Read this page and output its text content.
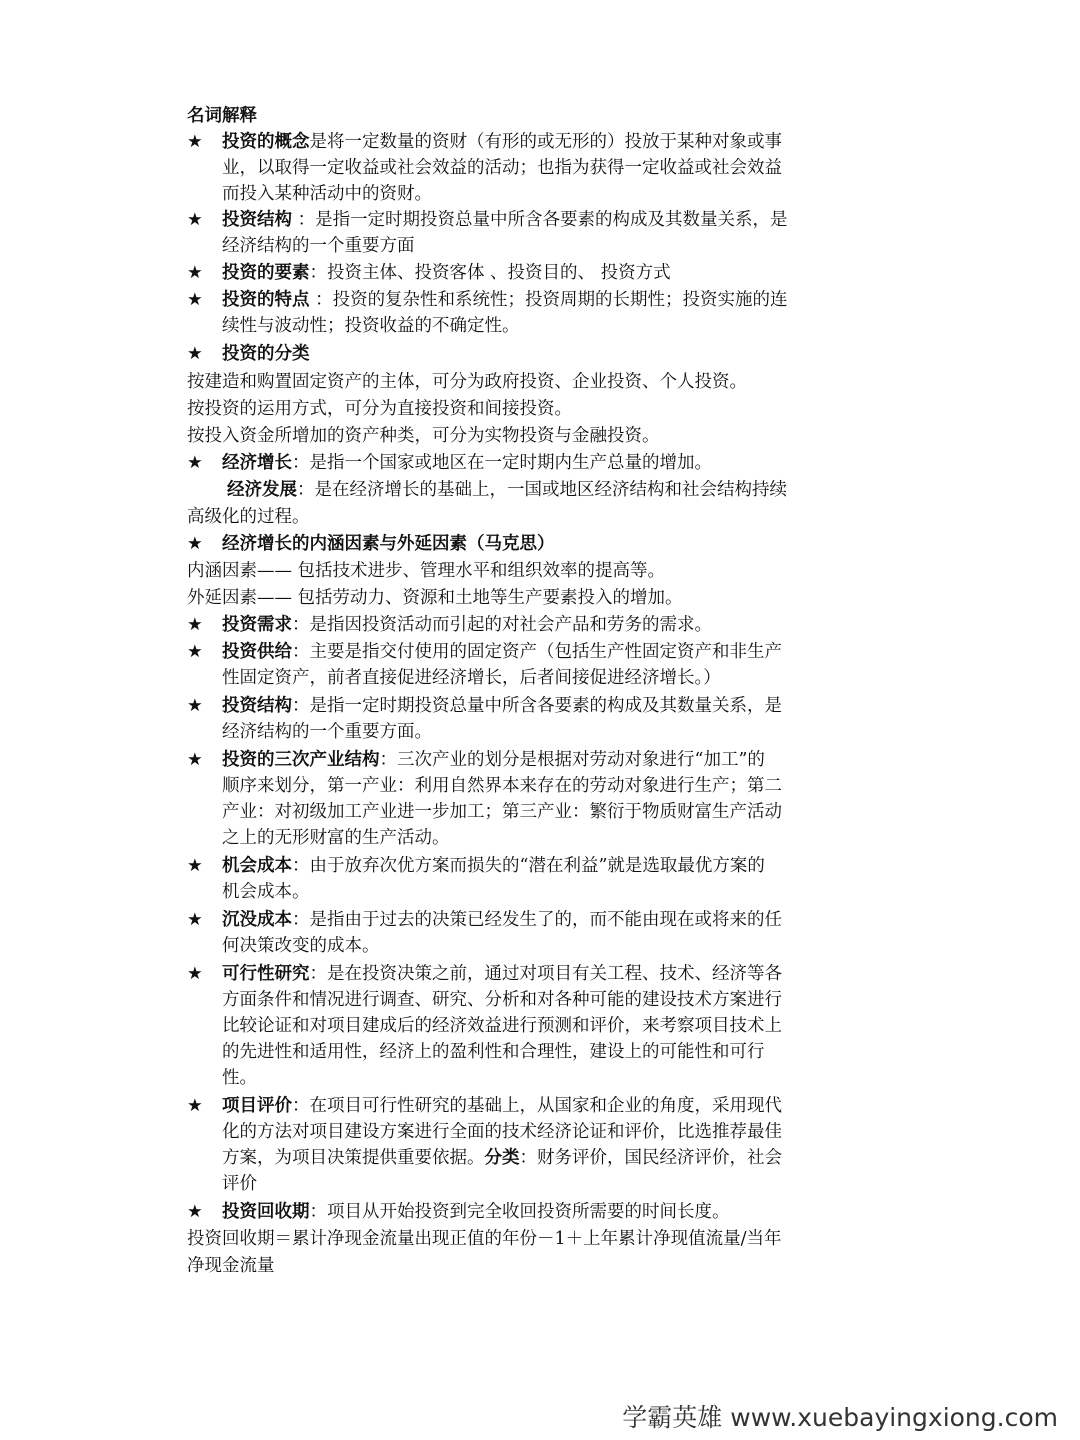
名词解释
★ 投资的概念是将一定数量的资财（有形的或无形的）投放于某种对象或事
业，以取得一定收益或社会效益的活动；也指为获得一定收益或社会效益
而投入某种活动中的资财。
★ 投资结构 ：是指一定时期投资总量中所含各要素的构成及其数量关系，是
经济结构的一个重要方面
★ 投资的要素：投资主体、投资客体 、投资目的、 投资方式
★ 投资的特点 ：投资的复杂性和系统性；投资周期的长期性；投资实施的连
续性与波动性；投资收益的不确定性。
★ 投资的分类
按建造和购置固定资产的主体，可分为政府投资、企业投资、个人投资。
按投资的运用方式，可分为直接投资和间接投资。
按投入资金所增加的资产种类，可分为实物投资与金融投资。
★ 经济增长：是指一个国家或地区在一定时期内生产总量的增加。
经济发展：是在经济增长的基础上，一国或地区经济结构和社会结构持续
高级化的过程。
★ 经济增长的内涵因素与外延因素（马克思）
内涵因素—— 包括技术进步、管理水平和组织效率的提高等。
外延因素—— 包括劳动力、资源和土地等生产要素投入的增加。
★ 投资需求：是指因投资活动而引起的对社会产品和劳务的需求。
★ 投资供给：主要是指交付使用的固定资产（包括生产性固定资产和非生产
性固定资产，前者直接促进经济增长，后者间接促进经济增长。）
★ 投资结构：是指一定时期投资总量中所含各要素的构成及其数量关系，是
经济结构的一个重要方面。
★ 投资的三次产业结构：三次产业的划分是根据对劳动对象进行“加工”的
顺序来划分，第一产业：利用自然界本来存在的劳动对象进行生产；第二
产业：对初级加工产业进一步加工；第三产业：繁衍于物质财富生产活动
之上的无形财富的生产活动。
★ 机会成本：由于放弃次优方案而损失的“潜在利益”就是选取最优方案的
机会成本。
★ 沉没成本：是指由于过去的决策已经发生了的，而不能由现在或将来的任
何决策改变的成本。
★ 可行性研究：是在投资决策之前，通过对项目有关工程、技术、经济等各
方面条件和情况进行调查、研究、分析和对各种可能的建设技术方案进行
比较论证和对项目建成后的经济效益进行预测和评价，来考察项目技术上
的先进性和适用性，经济上的盈利性和合理性，建设上的可能性和可行
性。
★ 项目评价：在项目可行性研究的基础上，从国家和企业的角度，采用现代
化的方法对项目建设方案进行全面的技术经济论证和评价，比选推荐最佳
方案，为项目决策提供重要依据。分类：财务评价，国民经济评价，社会
评价
★ 投资回收期：项目从开始投资到完全收回投资所需要的时间长度。
投资回收期＝累计净现金流量出现正值的年份－1＋上年累计净现值流量/当年
净现金流量
学霸英雄 www.xuebayingxiong.com
